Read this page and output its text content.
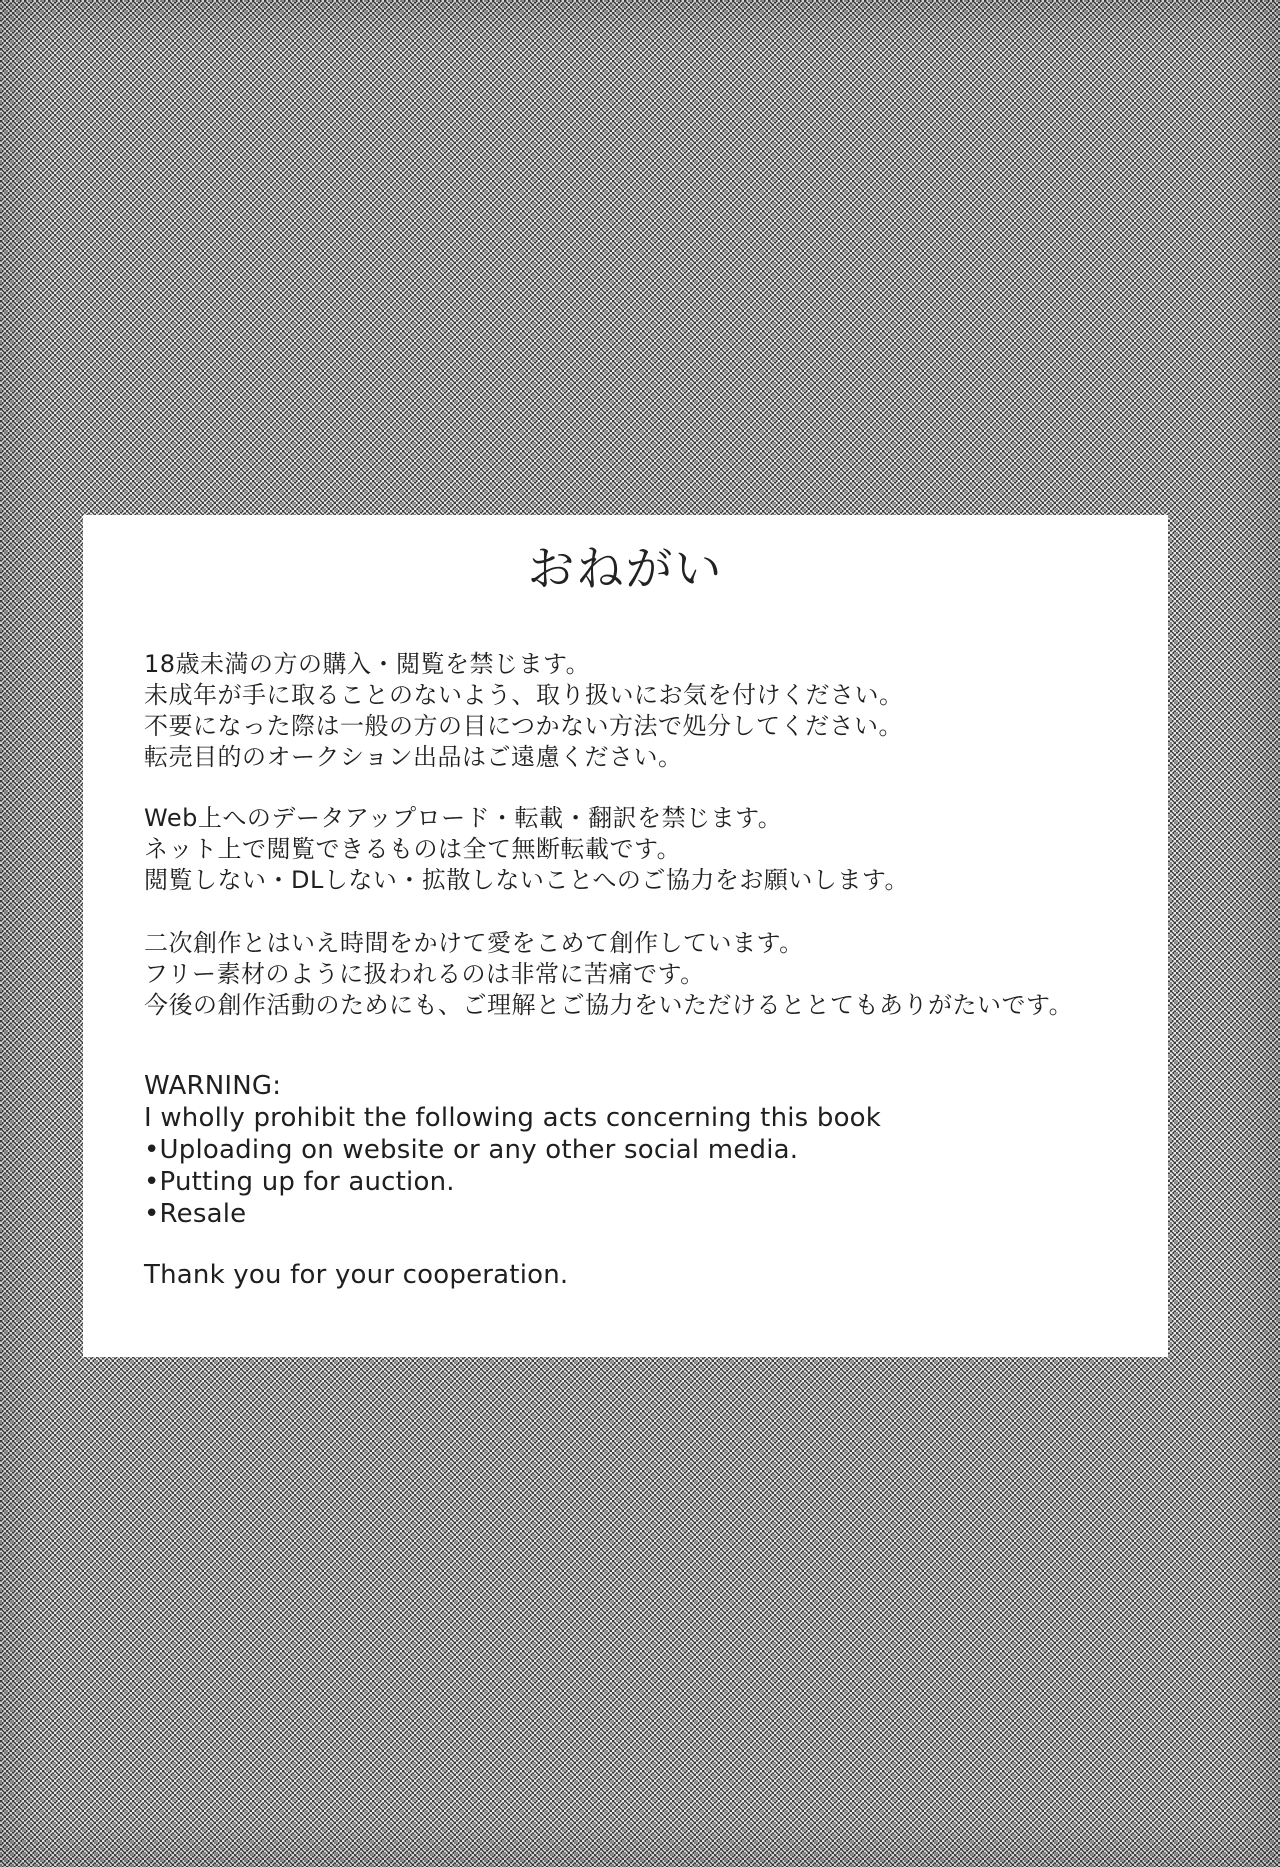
おねがい
18歳未満の方の購入・閲覧を禁じます。
未成年が手に取ることのないよう、取り扱いにお気を付けください。
不要になった際は一般の方の目につかない方法で処分してください。
転売目的のオークション出品はご遠慮ください。
Web上へのデータアップロード・転載・翻訳を禁じます。
ネット上で閲覧できるものは全て無断転載です。
閲覧しない・DLしない・拡散しないことへのご協力をお願いします。
二次創作とはいえ時間をかけて愛をこめて創作しています。
フリー素材のように扱われるのは非常に苦痛です。
今後の創作活動のためにも、ご理解とご協力をいただけるととてもありがたいです。
WARNING:
I wholly prohibit the following acts concerning this book
•Uploading on website or any other social media.
•Putting up for auction.
•Resale
Thank you for your cooperation.
